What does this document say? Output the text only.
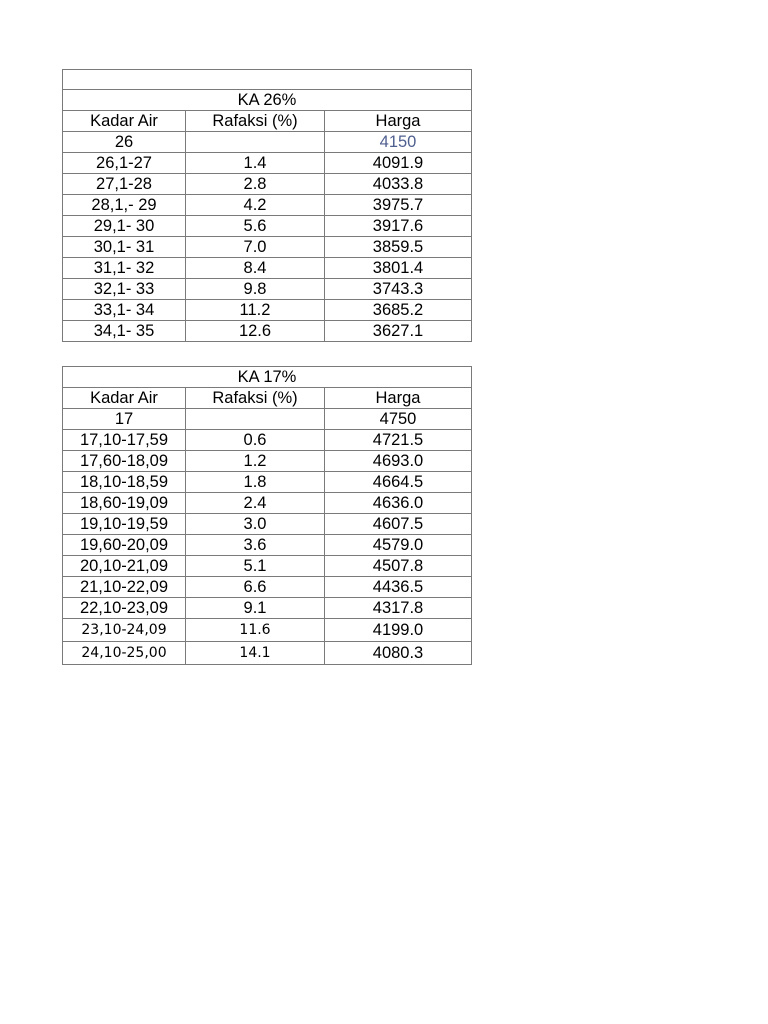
KA 26%		
Kadar Air	Rafaksi (%)	Harga
26		4150
26,1-27	1.4	4091.9
27,1-28	2.8	4033.8
28,1,- 29	4.2	3975.7
29,1- 30	5.6	3917.6
30,1- 31	7.0	3859.5
31,1- 32	8.4	3801.4
32,1- 33	9.8	3743.3
33,1- 34	11.2	3685.2
34,1- 35	12.6	3627.1
KA 17%		
Kadar Air	Rafaksi (%)	Harga
17		4750
17,10-17,59	0.6	4721.5
17,60-18,09	1.2	4693.0
18,10-18,59	1.8	4664.5
18,60-19,09	2.4	4636.0
19,10-19,59	3.0	4607.5
19,60-20,09	3.6	4579.0
20,10-21,09	5.1	4507.8
21,10-22,09	6.6	4436.5
22,10-23,09	9.1	4317.8
23,10-24,09	11.6	4199.0
24,10-25,00	14.1	4080.3
